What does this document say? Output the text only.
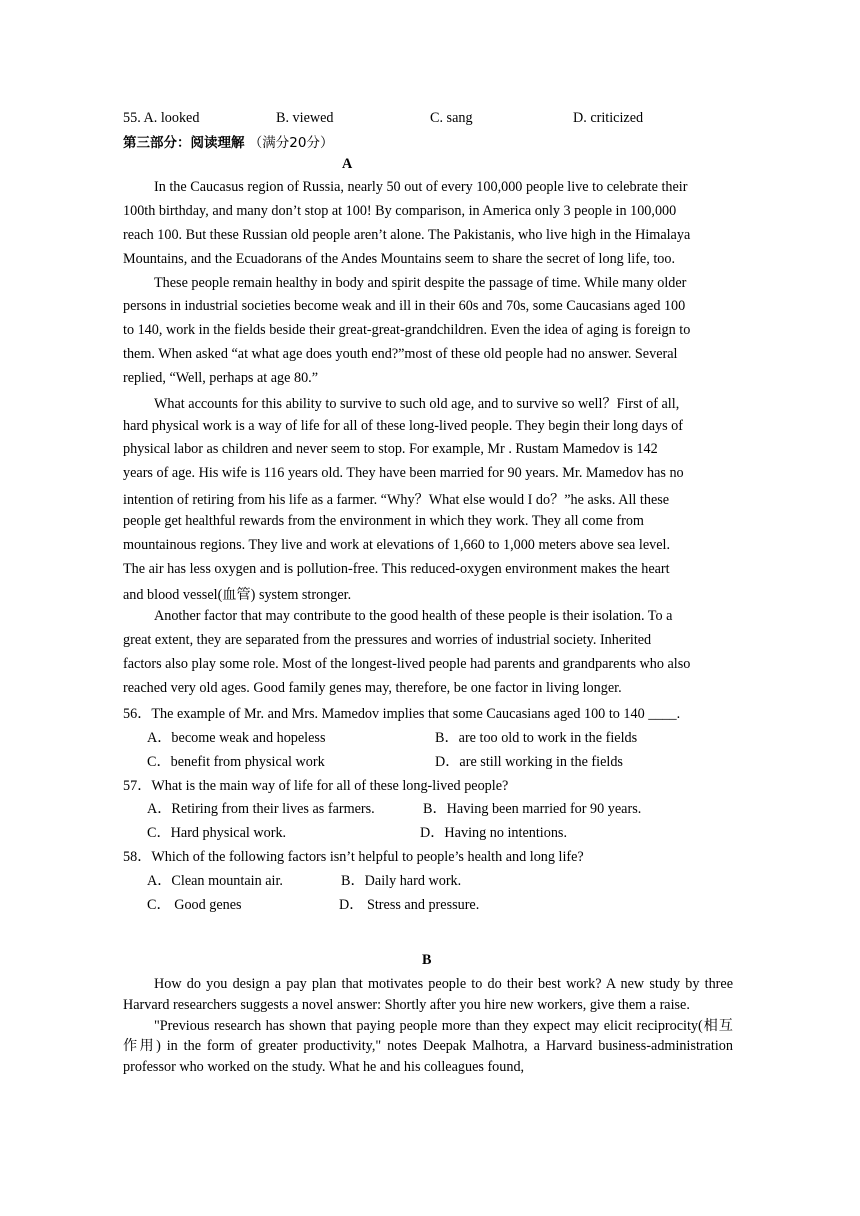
55. A. looked	B. viewed	C. sang	D. criticized
第三部分：阅读理解 （满分20分）
A
In the Caucasus region of Russia, nearly 50 out of every 100,000 people live to celebrate their
100th birthday, and many don’t stop at 100! By comparison, in America only 3 people in 100,000
reach 100. But these Russian old people aren’t alone. The Pakistanis, who live high in the Himalaya
Mountains, and the Ecuadorans of the Andes Mountains seem to share the secret of long life, too.
These people remain healthy in body and spirit despite the passage of time. While many older
persons in industrial societies become weak and ill in their 60s and 70s, some Caucasians aged 100
to 140, work in the fields beside their great-great-grandchildren. Even the idea of aging is foreign to
them. When asked “at what age does youth end?”most of these old people had no answer. Several
replied, “Well, perhaps at age 80.”
What accounts for this ability to survive to such old age, and to survive so well？First of all,
hard physical work is a way of life for all of these long-lived people. They begin their long days of
physical labor as children and never seem to stop. For example, Mr . Rustam Mamedov is 142
years of age. His wife is 116 years old. They have been married for 90 years. Mr. Mamedov has no
intention of retiring from his life as a farmer. “Why？What else would I do？”he asks. All these
people get healthful rewards from the environment in which they work. They all come from
mountainous regions. They live and work at elevations of 1,660 to 1,000 meters above sea level.
The air has less oxygen and is pollution-free. This reduced-oxygen environment makes the heart
and blood vessel(血管) system stronger.
Another factor that may contribute to the good health of these people is their isolation. To a
great extent, they are separated from the pressures and worries of industrial society. Inherited
factors also play some role. Most of the longest-lived people had parents and grandparents who also
reached very old ages. Good family genes may, therefore, be one factor in living longer.
56．The example of Mr. and Mrs. Mamedov implies that some Caucasians aged 100 to 140 ____.
A．become weak and hopeless	B．are too old to work in the fields
C．benefit from physical work	D．are still working in the fields
57．What is the main way of life for all of these long-lived people?
A．Retiring from their lives as farmers.	B．Having been married for 90 years.
C．Hard physical work.	D．Having no intentions.
58．Which of the following factors isn’t helpful to people’s health and long life?
A．Clean mountain air.	B．Daily hard work.
C． Good genes	D． Stress and pressure.
B

How do you design a pay plan that motivates people to do their best work? A new study by three Harvard researchers suggests a novel answer: Shortly after you hire new workers, give them a raise.

"Previous research has shown that paying people more than they expect may elicit reciprocity(相互作用) in the form of greater productivity," notes Deepak Malhotra, a Harvard business-administration professor who worked on the study. What he and his colleagues found,
